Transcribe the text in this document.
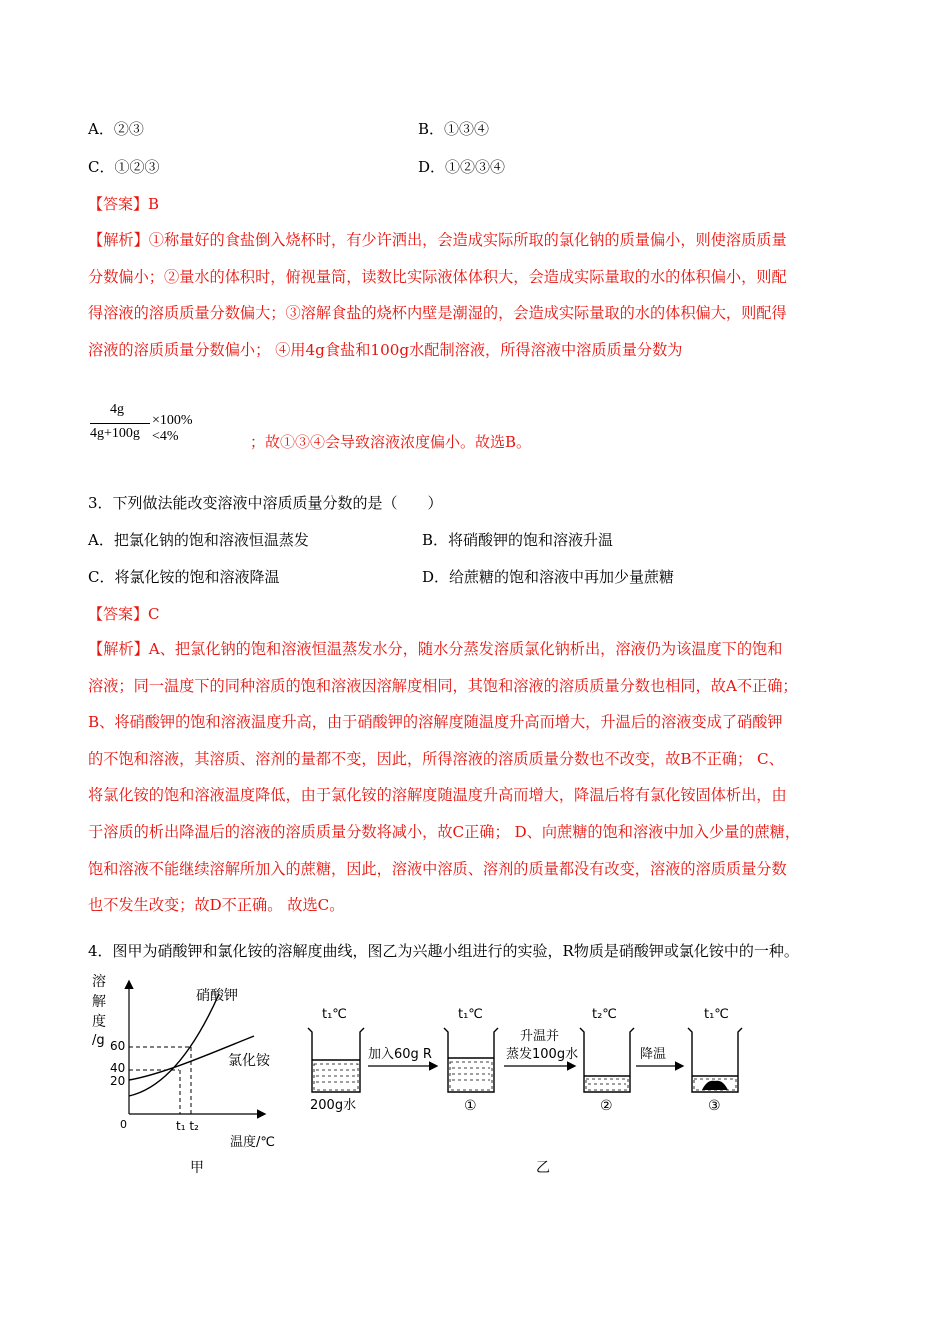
A．②③	B．①③④
C．①②③	D．①②③④
【答案】B
【解析】①称量好的食盐倒入烧杯时，有少许洒出，会造成实际所取的氯化钠的质量偏小，则使溶质质量
分数偏小；②量水的体积时，俯视量筒，读数比实际液体体积大，会造成实际量取的水的体积偏小，则配
得溶液的溶质质量分数偏大；③溶解食盐的烧杯内壁是潮湿的，会造成实际量取的水的体积偏大，则配得
溶液的溶质质量分数偏小； ④用4g食盐和100g水配制溶液，所得溶液中溶质质量分数为
4g
4g+100g
×100%<4%	；故①③④会导致溶液浓度偏小。故选B。
3．下列做法能改变溶液中溶质质量分数的是（　　）
A．把氯化钠的饱和溶液恒温蒸发	B．将硝酸钾的饱和溶液升温
C．将氯化铵的饱和溶液降温	D．给蔗糖的饱和溶液中再加少量蔗糖
【答案】C
【解析】A、把氯化钠的饱和溶液恒温蒸发水分，随水分蒸发溶质氯化钠析出，溶液仍为该温度下的饱和
溶液；同一温度下的同种溶质的饱和溶液因溶解度相同，其饱和溶液的溶质质量分数也相同，故A不正确；
B、将硝酸钾的饱和溶液温度升高，由于硝酸钾的溶解度随温度升高而增大，升温后的溶液变成了硝酸钾
的不饱和溶液，其溶质、溶剂的量都不变，因此，所得溶液的溶质质量分数也不改变，故B不正确； C、
将氯化铵的饱和溶液温度降低，由于氯化铵的溶解度随温度升高而增大，降温后将有氯化铵固体析出，由
于溶质的析出降温后的溶液的溶质质量分数将减小，故C正确； D、向蔗糖的饱和溶液中加入少量的蔗糖，
饱和溶液不能继续溶解所加入的蔗糖，因此，溶液中溶质、溶剂的质量都没有改变，溶液的溶质质量分数
也不发生改变；故D不正确。 故选C。
4．图甲为硝酸钾和氯化铵的溶解度曲线，图乙为兴趣小组进行的实验，R物质是硝酸钾或氯化铵中的一种。
溶
解
度
/g 60
40
20
0	t₁ t₂
温度/℃
硝酸钾
氯化铵
甲
t₁℃
200g水
加入60g R
t₁℃
①
升温并
蒸发100g水
t₂℃
②
降温
t₁℃
③
乙
